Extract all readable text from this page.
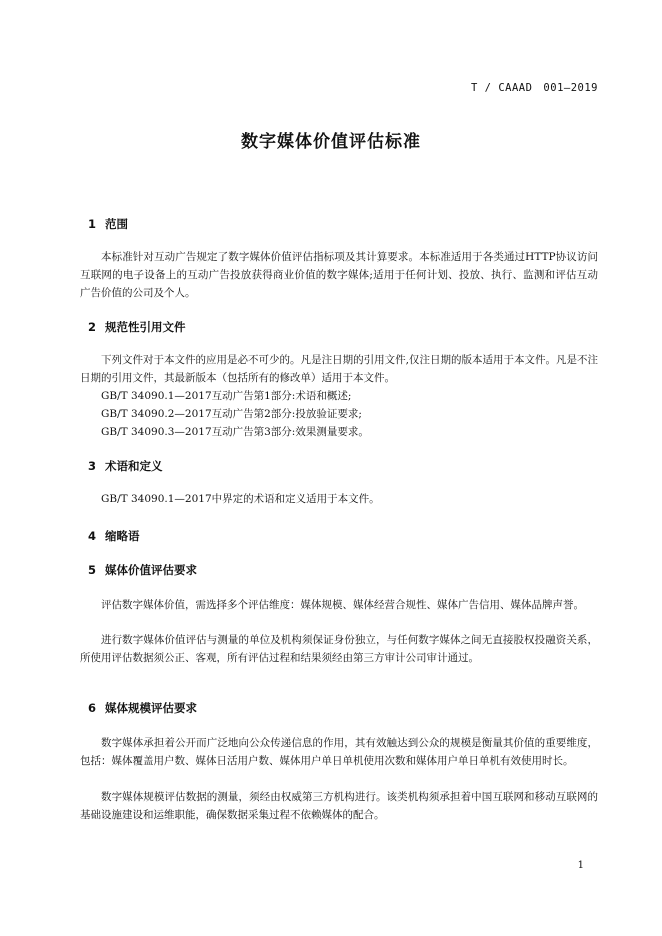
T / CAAAD　001—2019
数字媒体价值评估标准
1 范围
本标准针对互动广告规定了数字媒体价值评估指标项及其计算要求。本标准适用于各类通过HTTP协议访问互联网的电子设备上的互动广告投放获得商业价值的数字媒体;适用于任何计划、投放、执行、监测和评估互动广告价值的公司及个人。
2 规范性引用文件
下列文件对于本文件的应用是必不可少的。凡是注日期的引用文件,仅注日期的版本适用于本文件。凡是不注日期的引用文件，其最新版本（包括所有的修改单）适用于本文件。
GB/T 34090.1—2017互动广告第1部分:术语和概述;
GB/T 34090.2—2017互动广告第2部分:投放验证要求;
GB/T 34090.3—2017互动广告第3部分:效果测量要求。
3 术语和定义
GB/T 34090.1—2017中界定的术语和定义适用于本文件。
4 缩略语
5 媒体价值评估要求
评估数字媒体价值，需选择多个评估维度：媒体规模、媒体经营合规性、媒体广告信用、媒体品牌声誉。
进行数字媒体价值评估与测量的单位及机构须保证身份独立，与任何数字媒体之间无直接股权投融资关系，所使用评估数据须公正、客观，所有评估过程和结果须经由第三方审计公司审计通过。
6 媒体规模评估要求
数字媒体承担着公开而广泛地向公众传递信息的作用，其有效触达到公众的规模是衡量其价值的重要维度，包括：媒体覆盖用户数、媒体日活用户数、媒体用户单日单机使用次数和媒体用户单日单机有效使用时长。
数字媒体规模评估数据的测量，须经由权威第三方机构进行。该类机构须承担着中国互联网和移动互联网的基础设施建设和运维职能，确保数据采集过程不依赖媒体的配合。
1
